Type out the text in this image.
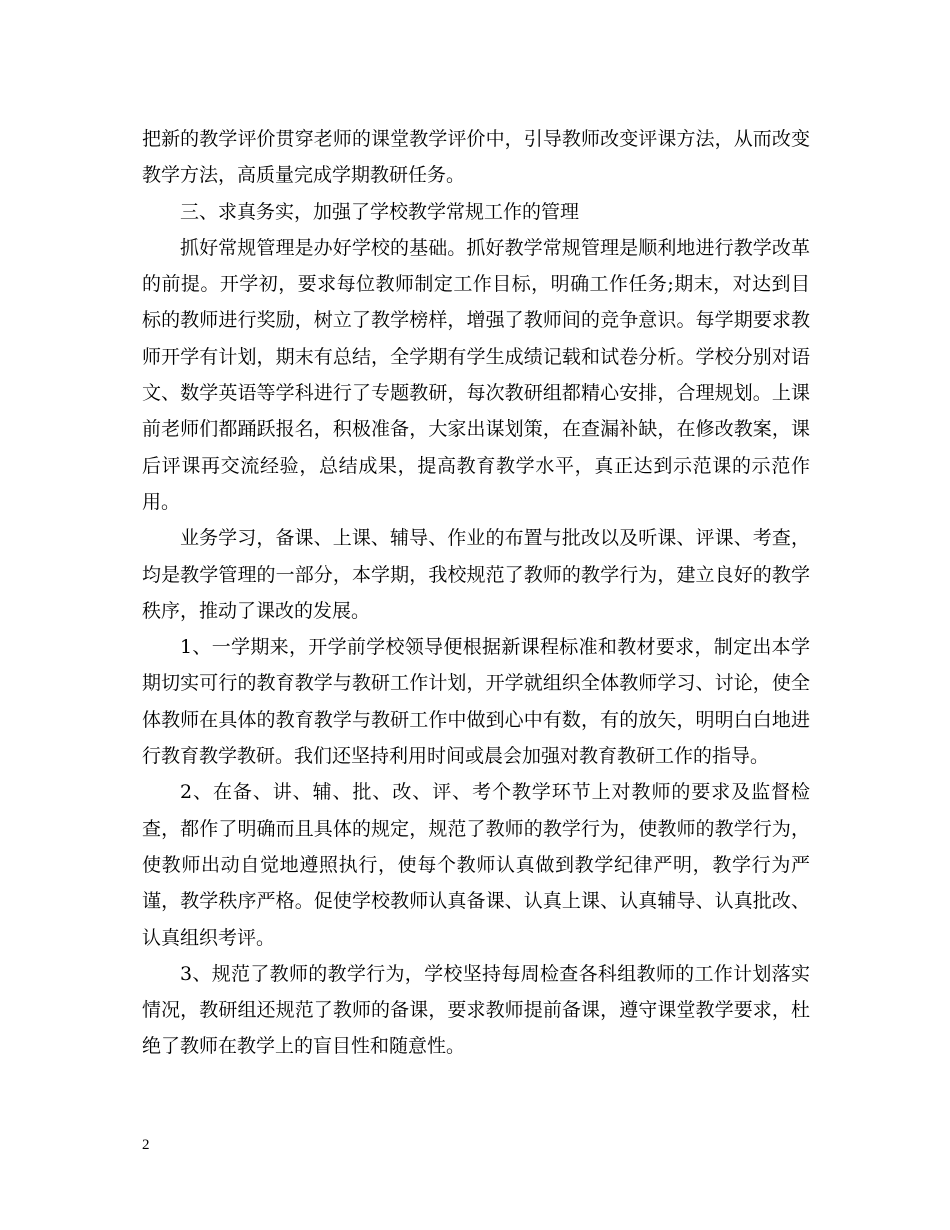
把新的教学评价贯穿老师的课堂教学评价中，引导教师改变评课方法，从而改变教学方法，高质量完成学期教研任务。

三、求真务实，加强了学校教学常规工作的管理

抓好常规管理是办好学校的基础。抓好教学常规管理是顺利地进行教学改革的前提。开学初，要求每位教师制定工作目标，明确工作任务;期末，对达到目标的教师进行奖励，树立了教学榜样，增强了教师间的竞争意识。每学期要求教师开学有计划，期末有总结，全学期有学生成绩记载和试卷分析。学校分别对语文、数学英语等学科进行了专题教研，每次教研组都精心安排，合理规划。上课前老师们都踊跃报名，积极准备，大家出谋划策，在查漏补缺，在修改教案，课后评课再交流经验，总结成果，提高教育教学水平，真正达到示范课的示范作用。

业务学习，备课、上课、辅导、作业的布置与批改以及听课、评课、考查，均是教学管理的一部分，本学期，我校规范了教师的教学行为，建立良好的教学秩序，推动了课改的发展。

1、一学期来，开学前学校领导便根据新课程标准和教材要求，制定出本学期切实可行的教育教学与教研工作计划，开学就组织全体教师学习、讨论，使全体教师在具体的教育教学与教研工作中做到心中有数，有的放矢，明明白白地进行教育教学教研。我们还坚持利用时间或晨会加强对教育教研工作的指导。

2、在备、讲、辅、批、改、评、考个教学环节上对教师的要求及监督检查，都作了明确而且具体的规定，规范了教师的教学行为，使教师的教学行为，使教师出动自觉地遵照执行，使每个教师认真做到教学纪律严明，教学行为严谨，教学秩序严格。促使学校教师认真备课、认真上课、认真辅导、认真批改、认真组织考评。

3、规范了教师的教学行为，学校坚持每周检查各科组教师的工作计划落实情况，教研组还规范了教师的备课，要求教师提前备课，遵守课堂教学要求，杜绝了教师在教学上的盲目性和随意性。

2
